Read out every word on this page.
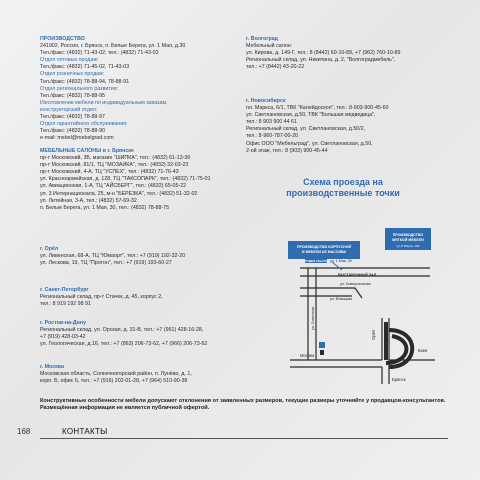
ПРОИЗВОДСТВО
241902, Россия, г. Брянск, п. Белые Берега, ул. 1 Мая, д.30
Тел./факс: (4832) 71-43-02; тел.: (4832) 71-43-03
Отдел оптовых продаж:
Тел./факс: (4832) 71-45-02, 71-43-03
Отдел розничных продаж:
Тел./факс: (4832) 78-88-94, 78-88-91
Отдел регионального развития:
Тел./факс: (4832) 78-88-95
Изготовление мебели по индивидуальным заказам,
конструкторский отдел:
Тел./факс: (4832) 78-88-97
Отдел гарантийного обслуживания:
Тел./факс: (4832) 78-88-90
e-mail: mebel@mebelgrad.com
МЕБЕЛЬНЫЕ САЛОНЫ в г. Брянске
пр-т Московский, 3Б, магазин "ШИПКА", тел.: (4832) 61-13-36
пр-т Московский, 81/1, ТЦ "МОЗАИКА", тел.: (4832) 32-03-23
пр-т Московский, 4-А, ТЦ "УСПЕХ", тел.: (4832) 71-76-43
ул. Красноармейская, д. 128, ТЦ "ТАКСОПАРК", тел.: (4832) 71-75-01
ул. Авиационная, 1-А, ТЦ "АЙСБЕРГ", тел.: (4832) 65-05-22
ул. 3 Интернационала, 25, м-н "БЕРЕЗКА", тел.: (4832) 51-32-02
ул. Литейная, 3-А, тел.: (4832) 57-69-32
п. Белые Берега, ул. 1 Мая, 30, тел.: (4832) 78-88-75
г. Орёл
ул. Ливенская, 68-А, ТЦ "Юмаорт", тел.: +7 (919) 192-32-20
ул. Лескова, 19, ТЦ "Протон", тел.: +7 (919) 193-60-27
г. Санкт-Петербург
Региональный склад, пр-т Стачек, д. 45, корпус 2,
тел.: 8 919 192 98 91
г. Ростов-на-Дону
Региональный склад, ул. Орская, д. 31-В, тел.: +7 (961) 428-16-28,
+7 (919) 428-03-42
ул. Геологическая, д.16, тел.: +7 (863) 206-73-62, +7 (966) 206-73-62
г. Москва
Московская область, Солнечногорский район, п. Лунёво, д. 1,
корп. Б, офис 6, тел.: +7 (916) 202-01-28, +7 (964) 510-90-38
г. Волгоград
Мебельный салон:
ул. Кирова, д. 149-Г, тел.: 8 (8442) 60-10-89, +7 (962) 760-10-89
Региональный склад, ул. Никитина, д. 2, "Волгоградмебель",
тел.: +7 (8442) 43-20-22
г. Новосибирск
пл. Маркса, 6/1, ТВК "Калейдоскоп", тел.: 8-903-900-45-60
ул. Светлановская, д.50, ТВК "Большая медведица",
тел.: 8 903 900 44 61
Региональный склад, ул. Светлановская, д.50/2,
тел.: 8-960-787-00-20
Офис ООО "Мебельград", ул. Светлановская, д.50,
2-ой этаж, тел.: 8 (903) 900-45-44
Схема проезда на
производственные точки
ПРОИЗВОДСТВО КОРПУСНОЙ
И МЕБЕЛИ ИЗ МАССИВА
ОТДЕЛ СБЫТА
ПРОИЗВОДСТВО
МЯГКОЙ МЕБЕЛИ
ул. 8 Марта, 104
ул. 1 Мая, 30
ВЫСТАВОЧНЫЙ ЗАЛ
ул. Коммунальная
ул. Бежицкая
ул. Советская
Орёл
Киев
Москва
Брянск
Конструктивные особенности мебели допускают отклонения от заявленных размеров, текущие размеры уточняйте у продавцов-консультантов. Размещённая информация не является публичной офертой.
168	КОНТАКТЫ
